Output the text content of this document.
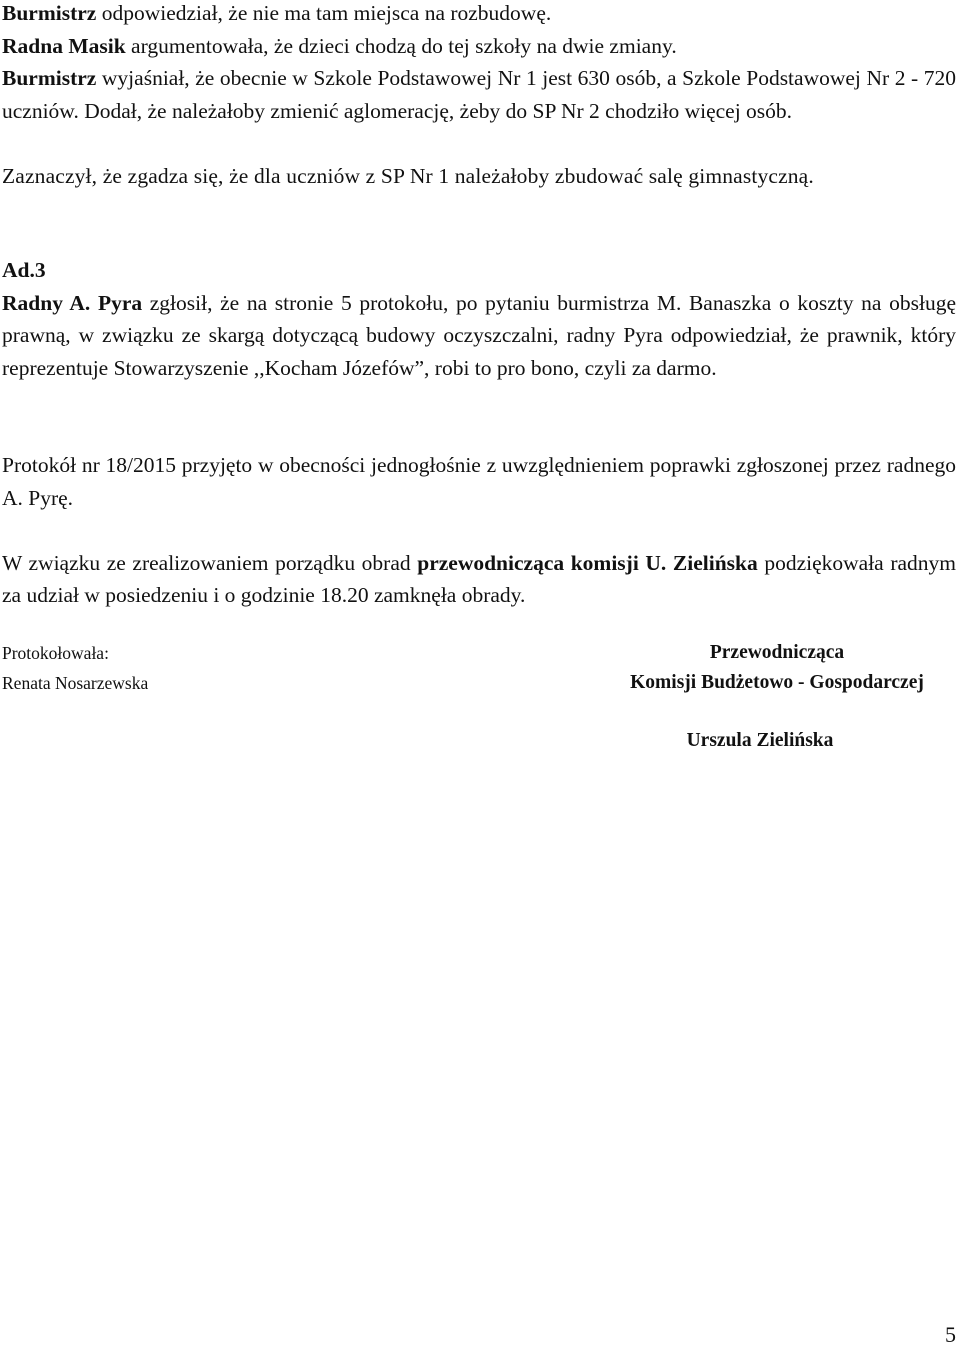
Burmistrz odpowiedział, że nie ma tam miejsca na rozbudowę.

Radna Masik argumentowała, że dzieci chodzą do tej szkoły na dwie zmiany.

Burmistrz wyjaśniał, że obecnie w Szkole Podstawowej Nr 1 jest 630 osób, a Szkole Podstawowej Nr 2 - 720 uczniów. Dodał, że należałoby zmienić aglomerację, żeby do SP Nr 2 chodziło więcej osób.

Zaznaczył, że zgadza się, że dla uczniów z SP Nr 1 należałoby zbudować salę gimnastyczną.

Ad.3

Radny A. Pyra zgłosił, że na stronie 5 protokołu, po pytaniu burmistrza M. Banaszka o koszty na obsługę prawną, w związku ze skargą dotyczącą budowy oczyszczalni, radny Pyra odpowiedział, że prawnik, który reprezentuje Stowarzyszenie ,,Kocham Józefów”, robi to pro bono, czyli za darmo.

Protokół nr 18/2015 przyjęto w obecności jednogłośnie z uwzględnieniem poprawki zgłoszonej przez radnego A. Pyrę.

W związku ze zrealizowaniem porządku obrad przewodnicząca komisji U. Zielińska podziękowała radnym za udział w posiedzeniu i o godzinie 18.20 zamknęła obrady.

Protokołowała:
Renata Nosarzewska
Przewodnicząca
Komisji Budżetowo - Gospodarczej
Urszula Zielińska
5
